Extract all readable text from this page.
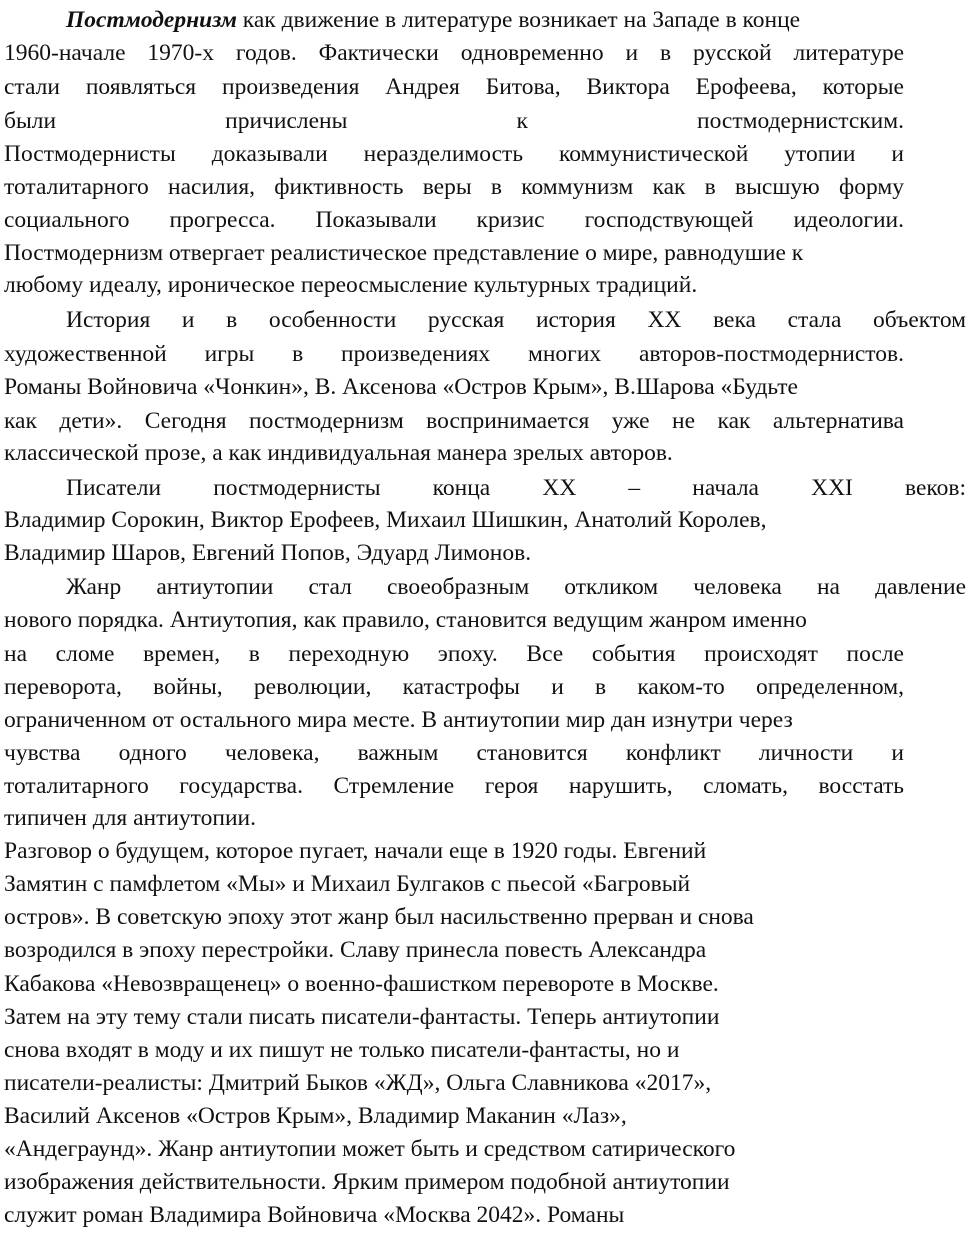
Постмодернизм как движение в литературе возникает на Западе в конце
1960-начале 1970-х годов. Фактически одновременно и в русской литературе
стали появляться произведения Андрея Битова, Виктора Ерофеева, которые
были причислены к постмодернистским.
Постмодернисты доказывали неразделимость коммунистической утопии и
тоталитарного насилия, фиктивность веры в коммунизм как в высшую форму
социального прогресса. Показывали кризис господствующей идеологии.
Постмодернизм отвергает реалистическое представление о мире, равнодушие к
любому идеалу, ироническое переосмысление культурных традиций.
История и в особенности русская история XX века стала объектом
художественной игры в произведениях многих авторов-постмодернистов.
Романы Войновича «Чонкин», В. Аксенова «Остров Крым», В.Шарова «Будьте
как дети». Сегодня постмодернизм воспринимается уже не как альтернатива
классической прозе, а как индивидуальная манера зрелых авторов.
Писатели постмодернисты конца XX – начала XXI веков:
Владимир Сорокин, Виктор Ерофеев, Михаил Шишкин, Анатолий Королев,
Владимир Шаров, Евгений Попов, Эдуард Лимонов.
Жанр антиутопии стал своеобразным откликом человека на давление
нового порядка. Антиутопия, как правило, становится ведущим жанром именно
на сломе времен, в переходную эпоху. Все события происходят после
переворота, войны, революции, катастрофы и в каком-то определенном,
ограниченном от остального мира месте. В антиутопии мир дан изнутри через
чувства одного человека, важным становится конфликт личности и
тоталитарного государства. Стремление героя нарушить, сломать, восстать
типичен для антиутопии.
Разговор о будущем, которое пугает, начали еще в 1920 годы. Евгений
Замятин с памфлетом «Мы» и Михаил Булгаков с пьесой «Багровый
остров». В советскую эпоху этот жанр был насильственно прерван и снова
возродился в эпоху перестройки. Славу принесла повесть Александра
Кабакова «Невозвращенец» о военно-фашистком перевороте в Москве.
Затем на эту тему стали писать писатели-фантасты. Теперь антиутопии
снова входят в моду и их пишут не только писатели-фантасты, но и
писатели-реалисты: Дмитрий Быков «ЖД», Ольга Славникова «2017»,
Василий Аксенов «Остров Крым», Владимир Маканин «Лаз»,
«Андеграунд». Жанр антиутопии может быть и средством сатирического
изображения действительности. Ярким примером подобной антиутопии
служит роман Владимира Войновича «Москва 2042». Романы
